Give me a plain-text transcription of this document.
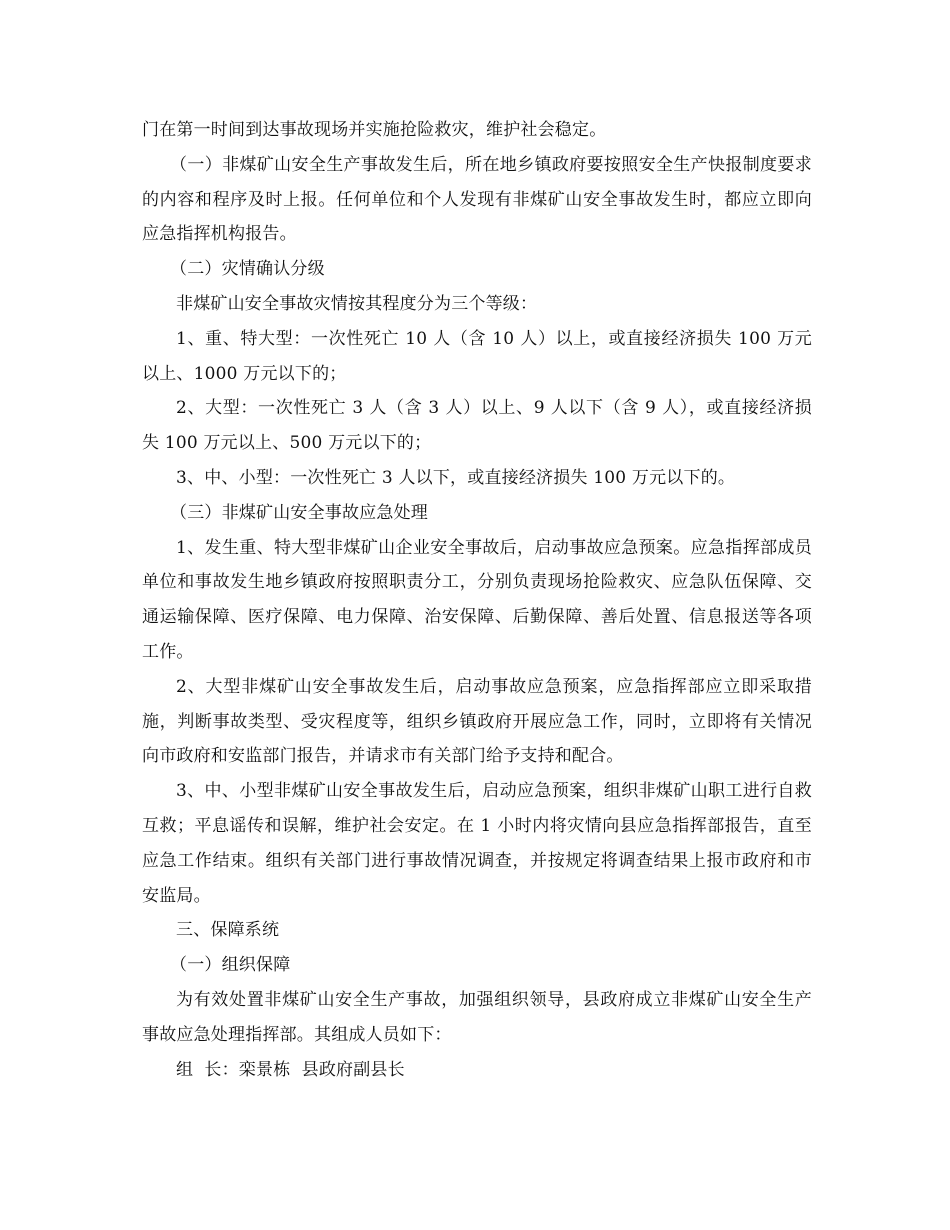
门在第一时间到达事故现场并实施抢险救灾，维护社会稳定。

（一）非煤矿山安全生产事故发生后，所在地乡镇政府要按照安全生产快报制度要求的内容和程序及时上报。任何单位和个人发现有非煤矿山安全事故发生时，都应立即向应急指挥机构报告。

（二）灾情确认分级

非煤矿山安全事故灾情按其程度分为三个等级：

1、重、特大型：一次性死亡 10 人（含 10 人）以上，或直接经济损失 100 万元以上、1000 万元以下的；

2、大型：一次性死亡 3 人（含 3 人）以上、9 人以下（含 9 人），或直接经济损失 100 万元以上、500 万元以下的；

3、中、小型：一次性死亡 3 人以下，或直接经济损失 100 万元以下的。

（三）非煤矿山安全事故应急处理

1、发生重、特大型非煤矿山企业安全事故后，启动事故应急预案。应急指挥部成员单位和事故发生地乡镇政府按照职责分工，分别负责现场抢险救灾、应急队伍保障、交通运输保障、医疗保障、电力保障、治安保障、后勤保障、善后处置、信息报送等各项工作。

2、大型非煤矿山安全事故发生后，启动事故应急预案，应急指挥部应立即采取措施，判断事故类型、受灾程度等，组织乡镇政府开展应急工作，同时，立即将有关情况向市政府和安监部门报告，并请求市有关部门给予支持和配合。

3、中、小型非煤矿山安全事故发生后，启动应急预案，组织非煤矿山职工进行自救互救；平息谣传和误解，维护社会安定。在 1 小时内将灾情向县应急指挥部报告，直至应急工作结束。组织有关部门进行事故情况调查，并按规定将调查结果上报市政府和市安监局。

三、保障系统

（一）组织保障

为有效处置非煤矿山安全生产事故，加强组织领导，县政府成立非煤矿山安全生产事故应急处理指挥部。其组成人员如下：

组  长：栾景栋  县政府副县长
